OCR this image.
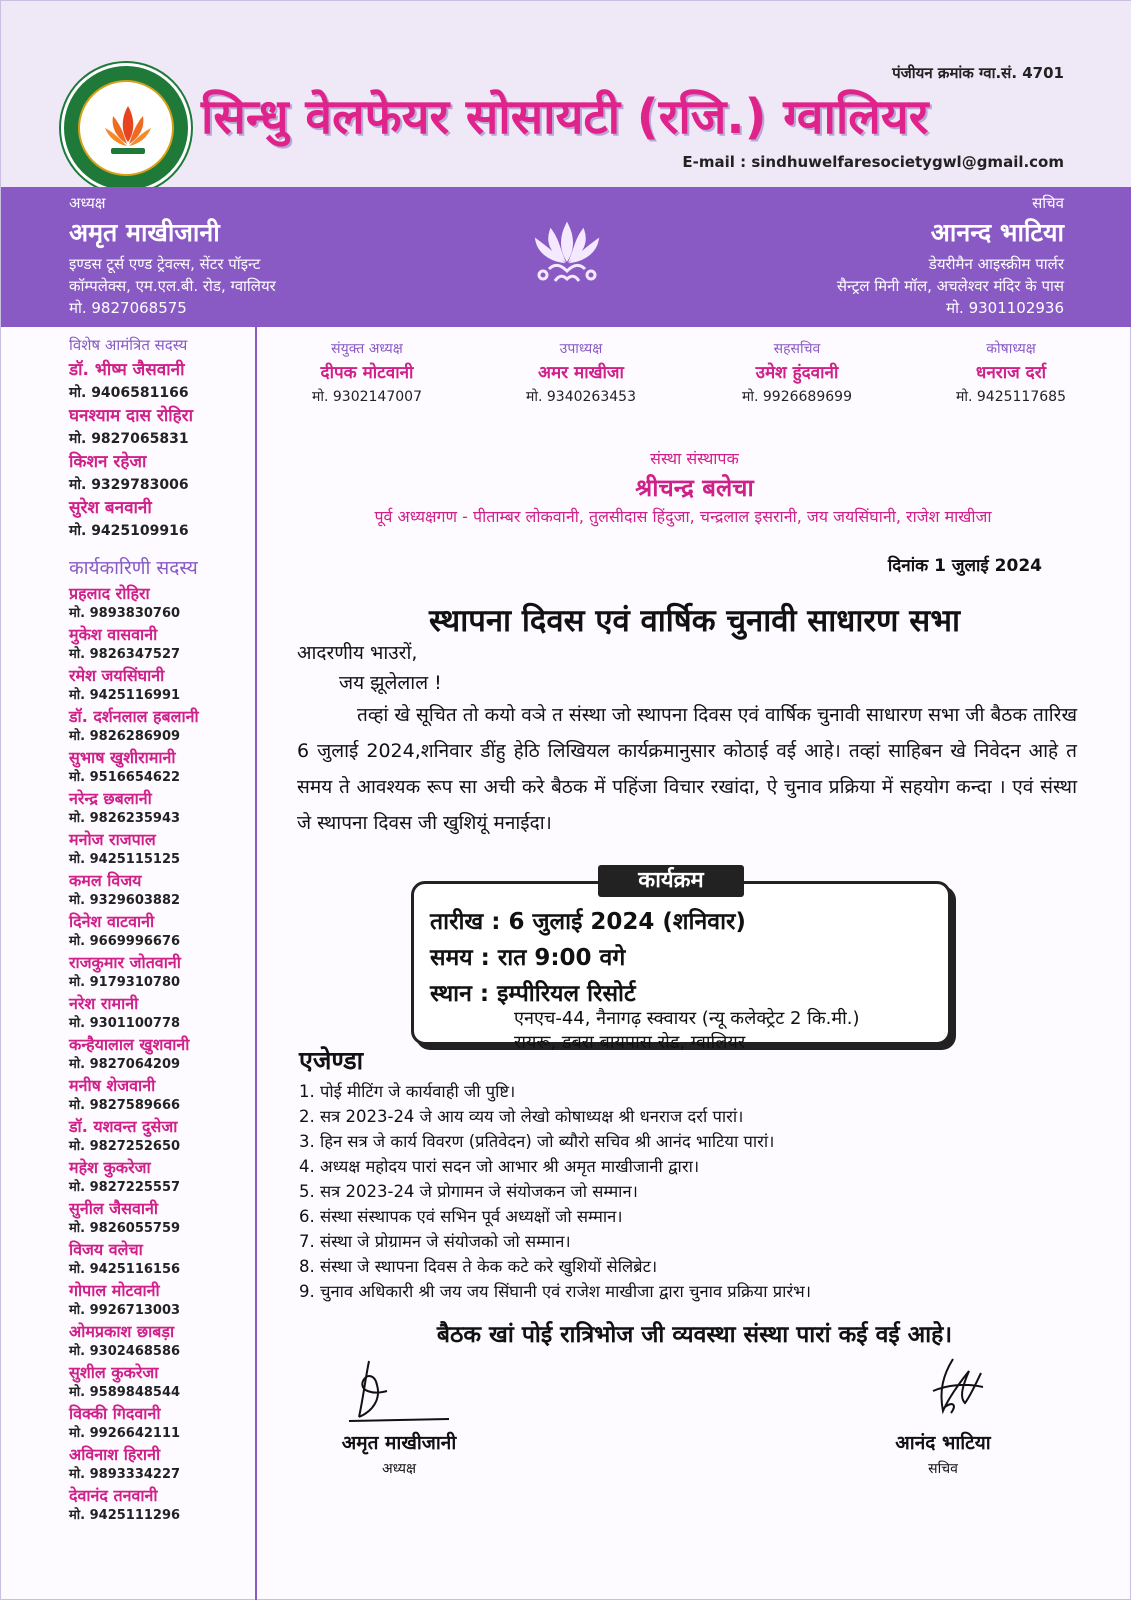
पंजीयन क्रमांक ग्वा.सं. 4701
सिन्धु वेलफेयर सोसायटी (रजि.) ग्वालियर
E-mail : sindhuwelfaresocietygwl@gmail.com
अध्यक्ष
अमृत माखीजानी
इण्डस टूर्स एण्ड ट्रेवल्स, सेंटर पॉइन्ट
कॉम्पलेक्स, एम.एल.बी. रोड, ग्वालियर
मो. 9827068575
सचिव
आनन्द भाटिया
डेयरीमैन आइस्क्रीम पार्लर
सैन्ट्रल मिनी मॉल, अचलेश्वर मंदिर के पास
मो. 9301102936
विशेष आमंत्रित सदस्य
डॉ. भीष्म जैसवानी
मो. 9406581166
घनश्याम दास रोहिरा
मो. 9827065831
किशन रहेजा
मो. 9329783006
सुरेश बनवानी
मो. 9425109916
कार्यकारिणी सदस्य
प्रहलाद रोहिरा
मो. 9893830760
मुकेश वासवानी
मो. 9826347527
रमेश जयसिंघानी
मो. 9425116991
डॉ. दर्शनलाल हबलानी
मो. 9826286909
सुभाष खुशीरामानी
मो. 9516654622
नरेन्द्र छबलानी
मो. 9826235943
मनोज राजपाल
मो. 9425115125
कमल विजय
मो. 9329603882
दिनेश वाटवानी
मो. 9669996676
राजकुमार जोतवानी
मो. 9179310780
नरेश रामानी
मो. 9301100778
कन्हैयालाल खुशवानी
मो. 9827064209
मनीष शेजवानी
मो. 9827589666
डॉ. यशवन्त दुसेजा
मो. 9827252650
महेश कुकरेजा
मो. 9827225557
सुनील जैसवानी
मो. 9826055759
विजय वलेचा
मो. 9425116156
गोपाल मोटवानी
मो. 9926713003
ओमप्रकाश छाबड़ा
मो. 9302468586
सुशील कुकरेजा
मो. 9589848544
विक्की गिदवानी
मो. 9926642111
अविनाश हिरानी
मो. 9893334227
देवानंद तनवानी
मो. 9425111296
संयुक्त अध्यक्ष
दीपक मोटवानी
मो. 9302147007
उपाध्यक्ष
अमर माखीजा
मो. 9340263453
सहसचिव
उमेश हुंदवानी
मो. 9926689699
कोषाध्यक्ष
धनराज दर्रा
मो. 9425117685
संस्था संस्थापक
श्रीचन्द्र बलेचा
पूर्व अध्यक्षगण - पीताम्बर लोकवानी, तुलसीदास हिंदुजा, चन्द्रलाल इसरानी, जय जयसिंघानी, राजेश माखीजा
दिनांक 1 जुलाई 2024
स्थापना दिवस एवं वार्षिक चुनावी साधारण सभा
आदरणीय भाउरों,
जय झूलेलाल !
तव्हां खे सूचित तो कयो वञे त संस्था जो स्थापना दिवस एवं वार्षिक चुनावी साधारण सभा जी बैठक तारिख 6 जुलाई 2024,शनिवार डींहु हेठि लिखियल कार्यक्रमानुसार कोठाई वई आहे। तव्हां साहिबन खे निवेदन आहे त समय ते आवश्यक रूप सा अची करे बैठक में पहिंजा विचार रखांदा, ऐ चुनाव प्रक्रिया में सहयोग कन्दा । एवं संस्था जे स्थापना दिवस जी खुशियूं मनाईदा।
कार्यक्रम
तारीख : 6 जुलाई 2024 (शनिवार)
समय : रात 9:00 वगे
स्थान : इम्पीरियल रिसोर्ट
एनएच-44, नैनागढ़ स्क्वायर (न्यू कलेक्ट्रेट 2 कि.मी.)
रायरू, डबरा बायपास रोड, ग्वालियर
एजेण्डा
1. पोई मीटिंग जे कार्यवाही जी पुष्टि।
2. सत्र 2023-24 जे आय व्यय जो लेखो कोषाध्यक्ष श्री धनराज दर्रा पारां।
3. हिन सत्र जे कार्य विवरण (प्रतिवेदन) जो ब्यौरो सचिव श्री आनंद भाटिया पारां।
4. अध्यक्ष महोदय पारां सदन जो आभार श्री अमृत माखीजानी द्वारा।
5. सत्र 2023-24 जे प्रोगामन जे संयोजकन जो सम्मान।
6. संस्था संस्थापक एवं सभिन पूर्व अध्यक्षों जो सम्मान।
7. संस्था जे प्रोग्रामन जे संयोजको जो सम्मान।
8. संस्था जे स्थापना दिवस ते केक कटे करे खुशियों सेलिब्रेट।
9. चुनाव अधिकारी श्री जय जय सिंघानी एवं राजेश माखीजा द्वारा चुनाव प्रक्रिया प्रारंभ।
बैठक खां पोई रात्रिभोज जी व्यवस्था संस्था पारां कई वई आहे।
अमृत माखीजानी
अध्यक्ष
आनंद भाटिया
सचिव
